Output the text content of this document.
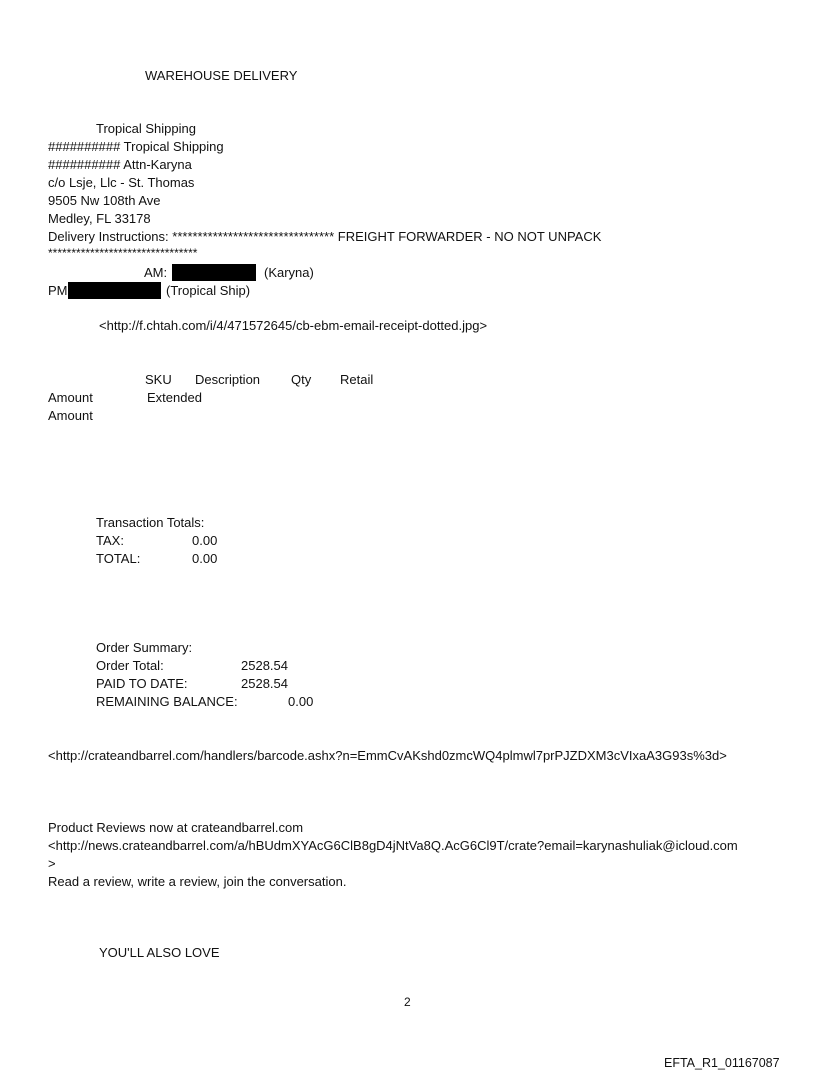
WAREHOUSE DELIVERY
Tropical Shipping
########## Tropical Shipping
########## Attn-Karyna
c/o Lsje, Llc - St. Thomas
9505 Nw 108th Ave
Medley, FL 33178
Delivery Instructions: ******************************** FREIGHT FORWARDER - NO NOT UNPACK
********************************
AM:	(Karyna)
PM	(Tropical Ship)
<http://f.chtah.com/i/4/471572645/cb-ebm-email-receipt-dotted.jpg>
SKU Description Qty Retail
Amount	Extended
Amount
Transaction Totals:
TAX:	0.00
TOTAL:	0.00
Order Summary:
Order Total:	2528.54
PAID TO DATE:	2528.54
REMAINING BALANCE:	0.00
<http://crateandbarrel.com/handlers/barcode.ashx?n=EmmCvAKshd0zmcWQ4plmwl7prPJZDXM3cVIxaA3G93s%3d>
Product Reviews now at crateandbarrel.com
<http://news.crateandbarrel.com/a/hBUdmXYAcG6ClB8gD4jNtVa8Q.AcG6Cl9T/crate?email=karynashuliak@icloud.com
>
Read a review, write a review, join the conversation.
YOU'LL ALSO LOVE
2
EFTA_R1_01167087
